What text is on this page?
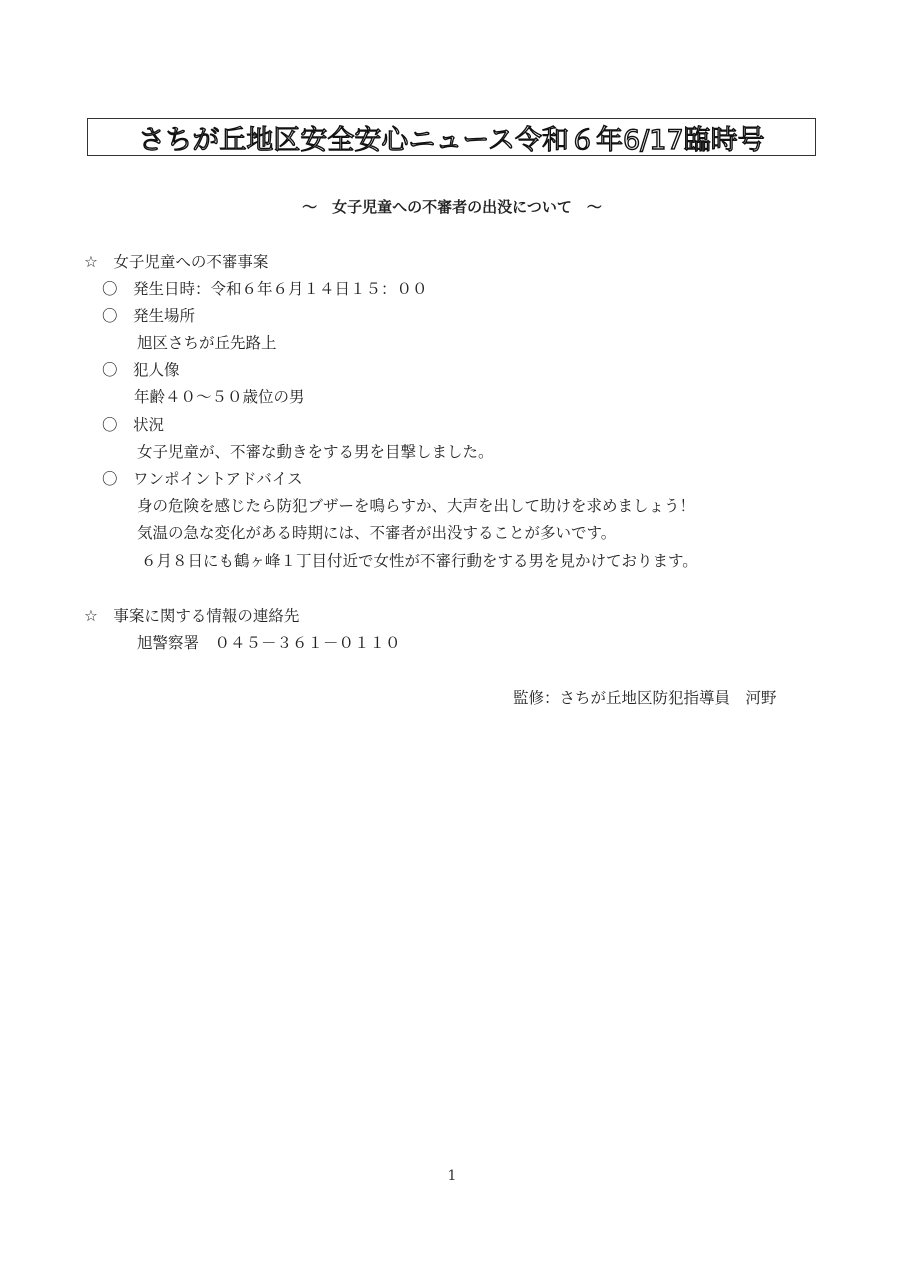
さちが丘地区安全安心ニュース令和６年6/17臨時号
～　女子児童への不審者の出没について　～
☆　女子児童への不審事案
〇　発生日時：令和６年６月１４日１５：００
〇　発生場所
旭区さちが丘先路上
〇　犯人像
年齢４０～５０歳位の男
〇　状況
女子児童が、不審な動きをする男を目撃しました。
〇　ワンポイントアドバイス
身の危険を感じたら防犯ブザーを鳴らすか、大声を出して助けを求めましょう！
気温の急な変化がある時期には、不審者が出没することが多いです。
６月８日にも鶴ヶ峰１丁目付近で女性が不審行動をする男を見かけております。
☆　事案に関する情報の連絡先
旭警察署　０４５－３６１－０１１０
監修：さちが丘地区防犯指導員　河野
1
